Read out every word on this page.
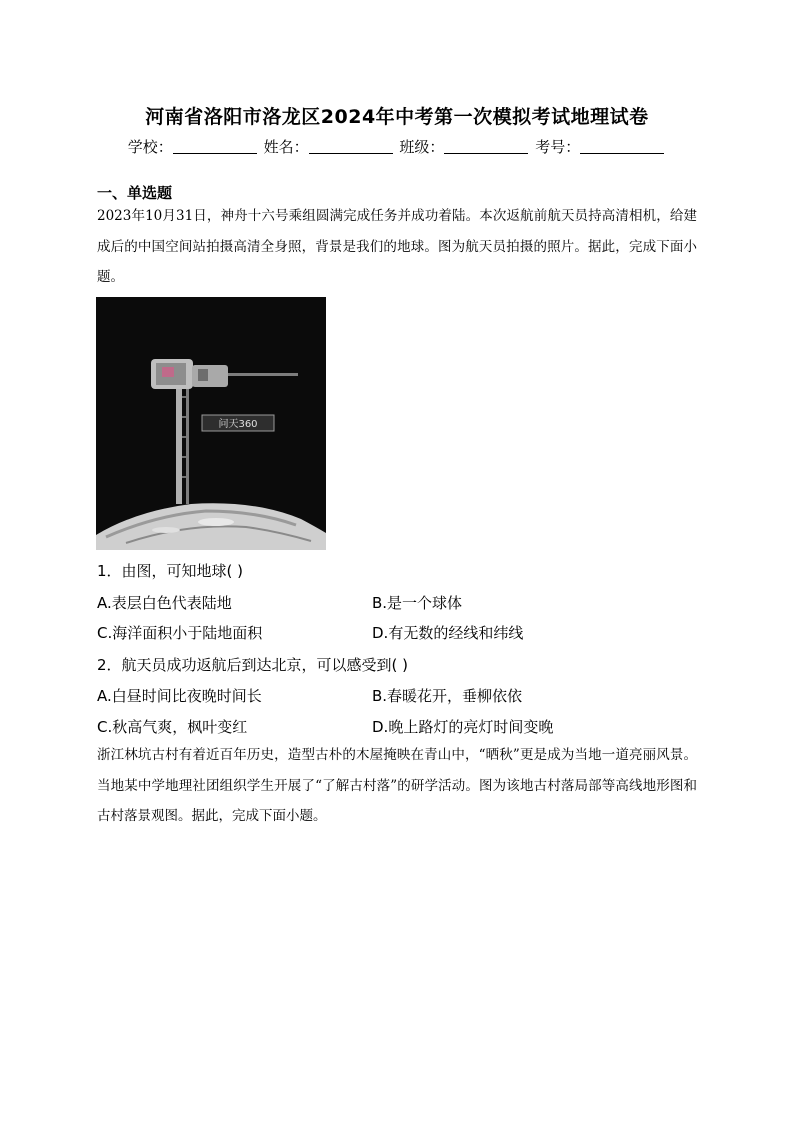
河南省洛阳市洛龙区2024年中考第一次模拟考试地理试卷
学校：	姓名：	班级：	考号：
一、单选题
2023年10月31日，神舟十六号乘组圆满完成任务并成功着陆。本次返航前航天员持高清相机，给建成后的中国空间站拍摄高清全身照，背景是我们的地球。图为航天员拍摄的照片。据此，完成下面小题。
问天360
1．由图，可知地球( )
A.表层白色代表陆地	B.是一个球体
C.海洋面积小于陆地面积	D.有无数的经线和纬线
2．航天员成功返航后到达北京，可以感受到( )
A.白昼时间比夜晚时间长	B.春暖花开，垂柳依依
C.秋高气爽，枫叶变红	D.晚上路灯的亮灯时间变晚
浙江林坑古村有着近百年历史，造型古朴的木屋掩映在青山中，“晒秋”更是成为当地一道亮丽风景。当地某中学地理社团组织学生开展了“了解古村落”的研学活动。图为该地古村落局部等高线地形图和古村落景观图。据此，完成下面小题。
